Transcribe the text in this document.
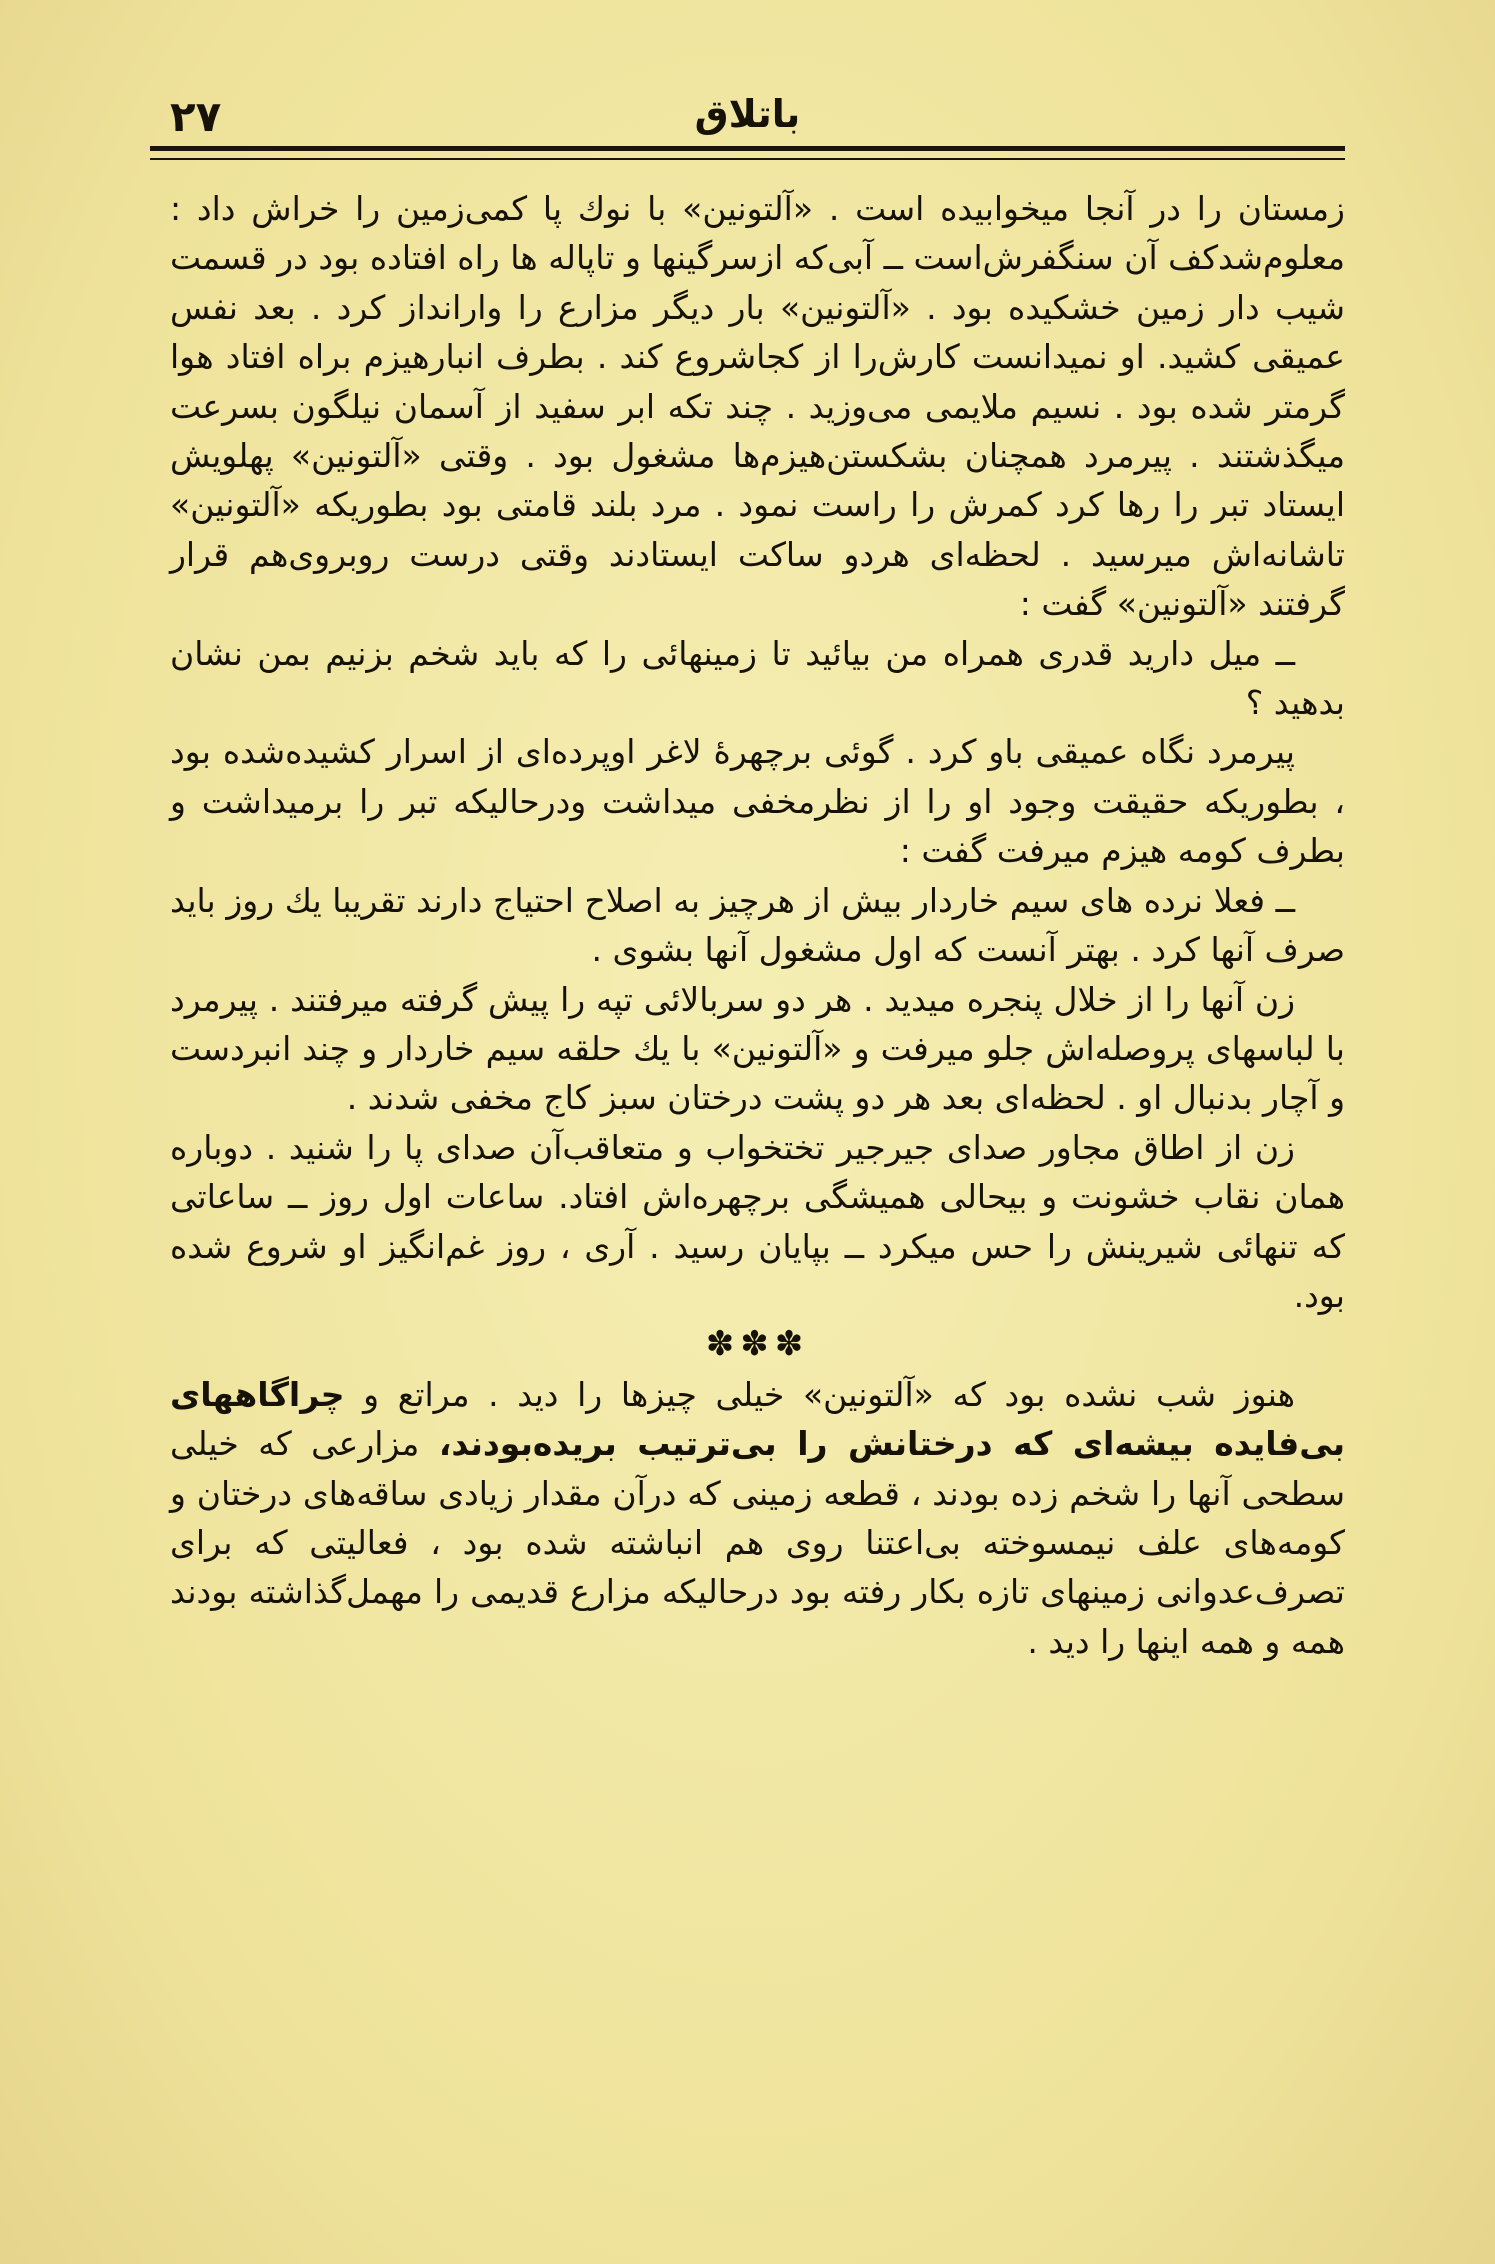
۲۷	باتلاق

زمستان را در آنجا میخوابیده است . «آلتونین» با نوك پا كمی‌زمین را خراش داد : معلوم‌شدكف آن سنگفرش‌است ــ آبی‌كه ازسر‌گینها و تاپاله ها راه افتاده بود در قسمت شیب دار زمین خشكیده بود . «آلتونین» بار دیگر مزارع را وارانداز كرد . بعد نفس عمیقی كشید. او نمیدانست كارش‌را از كجاشروع كند . بطرف انبارهیزم براه افتاد هوا گرمتر شده بود . نسیم ملایمی می‌وزید . چند تكه ابر سفید از آسمان نیلگون بسرعت میگذشتند . پیرمرد همچنان بشكستن‌هیزم‌ها مشغول بود . وقتی «آلتونین» پهلویش ایستاد تبر را رها كرد كمرش را راست نمود . مرد بلند قامتی بود بطوریكه «آلتونین» تاشانه‌اش میرسید . لحظه‌ای هردو ساكت ایستادند وقتی درست روبروی‌هم قرار گرفتند «آلتونین» گفت :

ــ میل دارید قدری همراه من بیائید تا زمینهائی را كه باید شخم بزنیم بمن نشان بدهید ؟

پیرمرد نگاه عمیقی باو كرد . گوئی برچهرهٔ لاغر اوپرده‌ای از اسرار كشیده‌شده بود ، بطوریكه حقیقت وجود او را از نظرمخفی میداشت ودرحالیكه تبر را برمیداشت و بطرف كومه هیزم میرفت گفت :

ــ فعلا نرده های سیم خاردار بیش از هرچیز به اصلاح احتیاج دارند تقریبا یك روز باید صرف آنها كرد . بهتر آنست كه اول مشغول آنها بشوی .

زن آنها را از خلال پنجره میدید . هر دو سربالائی تپه را پیش گرفته میرفتند . پیرمرد با لباسهای پروصله‌اش جلو میرفت و «آلتونین» با یك حلقه سیم خاردار و چند انبردست و آچار بدنبال او . لحظه‌ای بعد هر دو پشت درختان سبز كاج مخفی شدند .

زن از اطاق مجاور صدای جیرجیر تختخواب و متعاقب‌آن صدای پا را شنید . دوباره همان نقاب خشونت و بیحالی همیشگی برچهره‌اش افتاد. ساعات اول روز ــ ساعاتی كه تنهائی شیرینش را حس میكرد ــ بپایان رسید . آری ، روز غم‌انگیز او شروع شده بود.

✽✽✽

هنوز شب نشده بود كه «آلتونین» خیلی چیزها را دید . مراتع و چراگاههای بی‌فایده بیشه‌ای كه درختانش را بی‌ترتیب بریده‌بودند، مزارعی كه خیلی سطحی آنها را شخم زده بودند ، قطعه زمینی كه درآن مقدار زیادی ساقه‌های درختان و كومه‌های علف نیمسوخته بی‌اعتنا روی هم انباشته شده بود ، فعالیتی كه برای تصرف‌عدوانی زمینهای تازه بكار رفته بود درحالیكه مزارع قدیمی را مهمل‌گذاشته بودند همه و همه اینها را دید .
